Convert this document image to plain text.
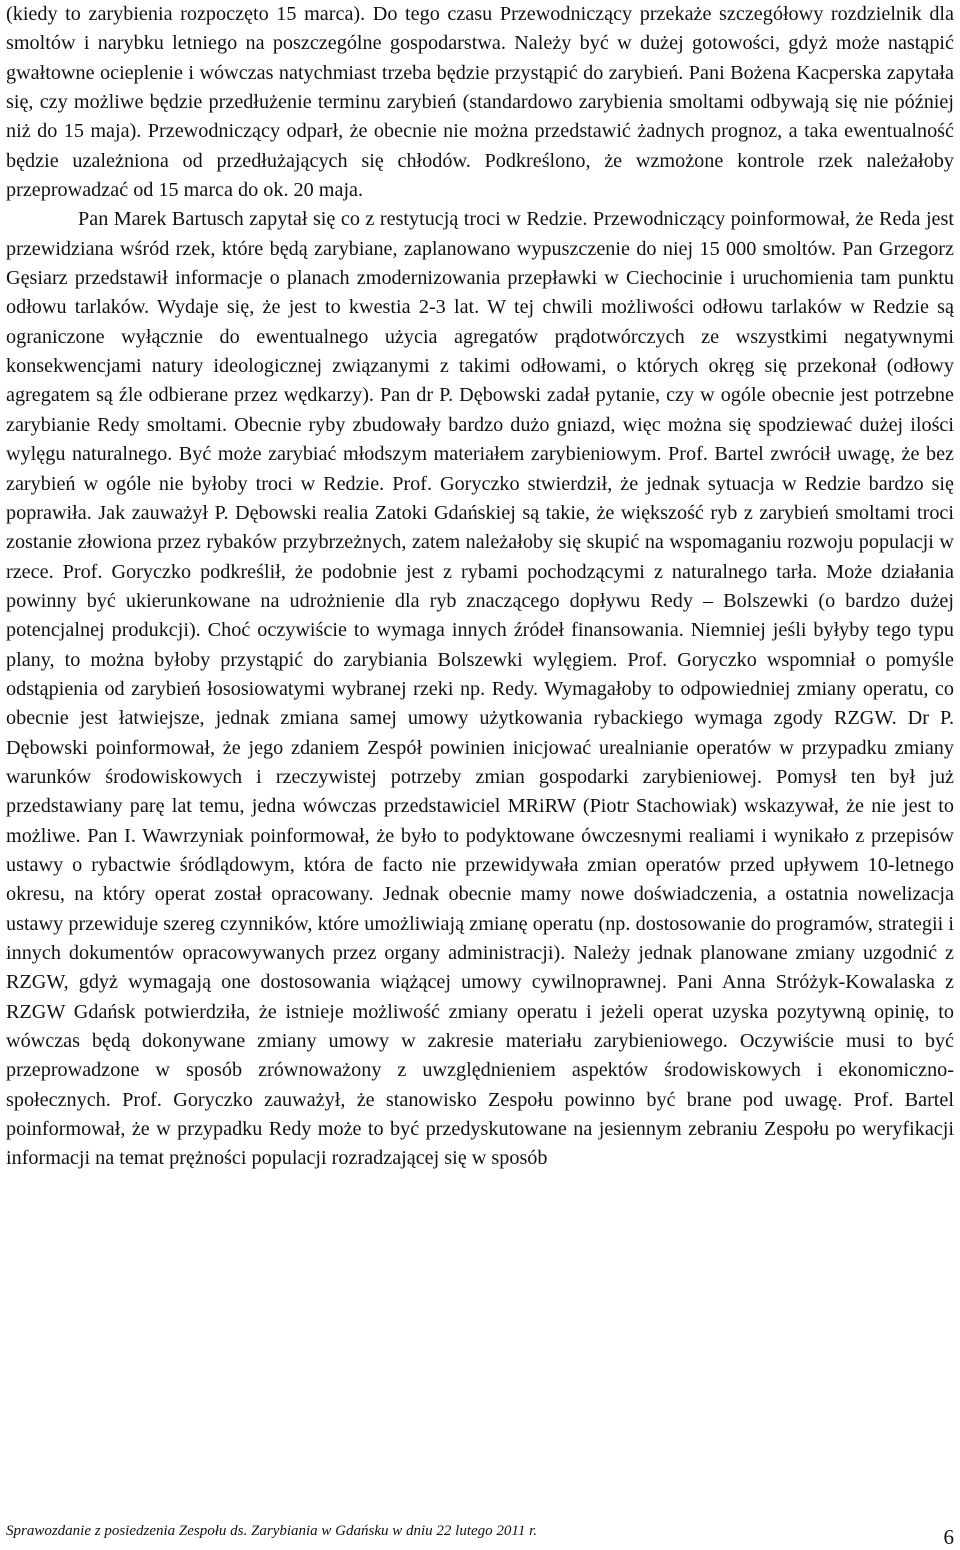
(kiedy to zarybienia rozpoczęto 15 marca). Do tego czasu Przewodniczący przekaże szczegółowy rozdzielnik dla smoltów i narybku letniego na poszczególne gospodarstwa. Należy być w dużej gotowości, gdyż może nastąpić gwałtowne ocieplenie i wówczas natychmiast trzeba będzie przystąpić do zarybień. Pani Bożena Kacperska zapytała się, czy możliwe będzie przedłużenie terminu zarybień (standardowo zarybienia smoltami odbywają się nie później niż do 15 maja). Przewodniczący odparł, że obecnie nie można przedstawić żadnych prognoz, a taka ewentualność będzie uzależniona od przedłużających się chłodów. Podkreślono, że wzmożone kontrole rzek należałoby przeprowadzać od 15 marca do ok. 20 maja.

Pan Marek Bartusch zapytał się co z restytucją troci w Redzie. Przewodniczący poinformował, że Reda jest przewidziana wśród rzek, które będą zarybiane, zaplanowano wypuszczenie do niej 15 000 smoltów. Pan Grzegorz Gęsiarz przedstawił informacje o planach zmodernizowania przepławki w Ciechocinie i uruchomienia tam punktu odłowu tarlaków. Wydaje się, że jest to kwestia 2-3 lat. W tej chwili możliwości odłowu tarlaków w Redzie są ograniczone wyłącznie do ewentualnego użycia agregatów prądotwórczych ze wszystkimi negatywnymi konsekwencjami natury ideologicznej związanymi z takimi odłowami, o których okręg się przekonał (odłowy agregatem są źle odbierane przez wędkarzy). Pan dr P. Dębowski zadał pytanie, czy w ogóle obecnie jest potrzebne zarybianie Redy smoltami. Obecnie ryby zbudowały bardzo dużo gniazd, więc można się spodziewać dużej ilości wylęgu naturalnego. Być może zarybiać młodszym materiałem zarybieniowym. Prof. Bartel zwrócił uwagę, że bez zarybień w ogóle nie byłoby troci w Redzie. Prof. Goryczko stwierdził, że jednak sytuacja w Redzie bardzo się poprawiła. Jak zauważył P. Dębowski realia Zatoki Gdańskiej są takie, że większość ryb z zarybień smoltami troci zostanie złowiona przez rybaków przybrzeżnych, zatem należałoby się skupić na wspomaganiu rozwoju populacji w rzece. Prof. Goryczko podkreślił, że podobnie jest z rybami pochodzącymi z naturalnego tarła. Może działania powinny być ukierunkowane na udrożnienie dla ryb znaczącego dopływu Redy – Bolszewki (o bardzo dużej potencjalnej produkcji). Choć oczywiście to wymaga innych źródeł finansowania. Niemniej jeśli byłyby tego typu plany, to można byłoby przystąpić do zarybiania Bolszewki wylęgiem. Prof. Goryczko wspomniał o pomyśle odstąpienia od zarybień łososiowatymi wybranej rzeki np. Redy. Wymagałoby to odpowiedniej zmiany operatu, co obecnie jest łatwiejsze, jednak zmiana samej umowy użytkowania rybackiego wymaga zgody RZGW. Dr P. Dębowski poinformował, że jego zdaniem Zespół powinien inicjować urealnianie operatów w przypadku zmiany warunków środowiskowych i rzeczywistej potrzeby zmian gospodarki zarybieniowej. Pomysł ten był już przedstawiany parę lat temu, jedna wówczas przedstawiciel MRiRW (Piotr Stachowiak) wskazywał, że nie jest to możliwe. Pan I. Wawrzyniak poinformował, że było to podyktowane ówczesnymi realiami i wynikało z przepisów ustawy o rybactwie śródlądowym, która de facto nie przewidywała zmian operatów przed upływem 10-letnego okresu, na który operat został opracowany. Jednak obecnie mamy nowe doświadczenia, a ostatnia nowelizacja ustawy przewiduje szereg czynników, które umożliwiają zmianę operatu (np. dostosowanie do programów, strategii i innych dokumentów opracowywanych przez organy administracji). Należy jednak planowane zmiany uzgodnić z RZGW, gdyż wymagają one dostosowania wiążącej umowy cywilnoprawnej. Pani Anna Stróżyk-Kowalaska z RZGW Gdańsk potwierdziła, że istnieje możliwość zmiany operatu i jeżeli operat uzyska pozytywną opinię, to wówczas będą dokonywane zmiany umowy w zakresie materiału zarybieniowego. Oczywiście musi to być przeprowadzone w sposób zrównoważony z uwzględnieniem aspektów środowiskowych i ekonomiczno-społecznych. Prof. Goryczko zauważył, że stanowisko Zespołu powinno być brane pod uwagę. Prof. Bartel poinformował, że w przypadku Redy może to być przedyskutowane na jesiennym zebraniu Zespołu po weryfikacji informacji na temat prężności populacji rozradzającej się w sposób

Sprawozdanie z posiedzenia Zespołu ds. Zarybiania w Gdańsku w dniu 22 lutego 2011 r.	6
